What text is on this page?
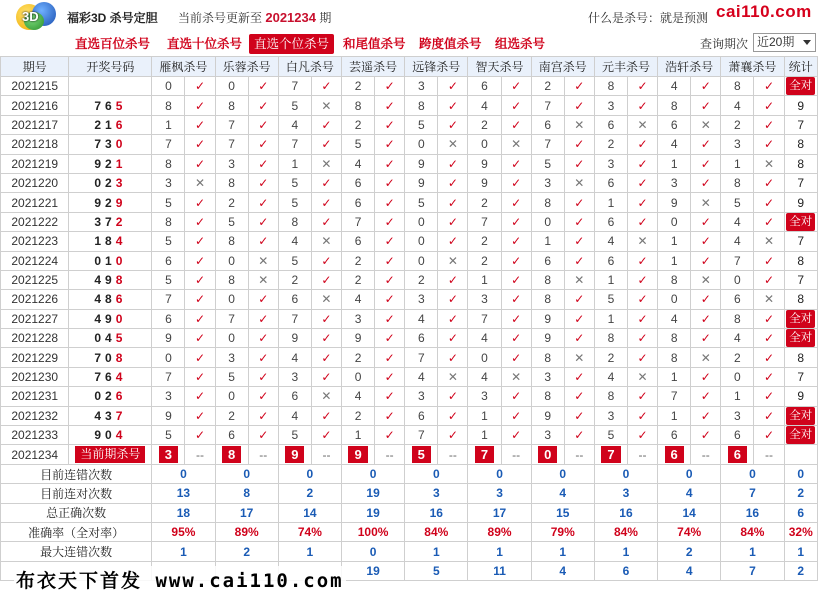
3D 福彩3D 杀号定胆 当前杀号更新至 2021234 期	什么是杀号：就是预测 cai110.com
直选百位杀号 直选十位杀号 直选个位杀号	和尾值杀号 跨度值杀号 组选杀号	查询期次 近20期
期号	开奖号码	雁枫杀号		乐蓉杀号		白凡杀号		芸遥杀号		远锋杀号		智天杀号		南宫杀号		元丰杀号		浩轩杀号		萧襄杀号		统计
2021215		0	✓	0	✓	7	✓	2	✓	3	✓	6	✓	2	✓	8	✓	4	✓	8	✓	全对
2021216	765	8	✓	8	✓	5	✕	8	✓	8	✓	4	✓	7	✓	3	✓	8	✓	4	✓	9
2021217	216	1	✓	7	✓	4	✓	2	✓	5	✓	2	✓	6	✕	6	✕	6	✕	2	✓	7
2021218	730	7	✓	7	✓	7	✓	5	✓	0	✕	0	✕	7	✓	2	✓	4	✓	3	✓	8
2021219	921	8	✓	3	✓	1	✕	4	✓	9	✓	9	✓	5	✓	3	✓	1	✓	1	✕	8
2021220	023	3	✕	8	✓	5	✓	6	✓	9	✓	9	✓	3	✕	6	✓	3	✓	8	✓	7
2021221	929	5	✓	2	✓	5	✓	6	✓	5	✓	2	✓	8	✓	1	✓	9	✕	5	✓	9
2021222	372	8	✓	5	✓	8	✓	7	✓	0	✓	7	✓	0	✓	6	✓	0	✓	4	✓	全对
2021223	184	5	✓	8	✓	4	✕	6	✓	0	✓	2	✓	1	✓	4	✕	1	✓	4	✕	7
2021224	010	6	✓	0	✕	5	✓	2	✓	0	✕	2	✓	6	✓	6	✓	1	✓	7	✓	8
2021225	498	5	✓	8	✕	2	✓	2	✓	2	✓	1	✓	8	✕	1	✓	8	✕	0	✓	7
2021226	486	7	✓	0	✓	6	✕	4	✓	3	✓	3	✓	8	✓	5	✓	0	✓	6	✕	8
2021227	490	6	✓	7	✓	7	✓	3	✓	4	✓	7	✓	9	✓	1	✓	4	✓	8	✓	全对
2021228	045	9	✓	0	✓	9	✓	9	✓	6	✓	4	✓	9	✓	8	✓	8	✓	4	✓	全对
2021229	708	0	✓	3	✓	4	✓	2	✓	7	✓	0	✓	8	✕	2	✓	8	✕	2	✓	8
2021230	764	7	✓	5	✓	3	✓	0	✓	4	✕	4	✕	3	✓	4	✕	1	✓	0	✓	7
2021231	026	3	✓	0	✓	6	✕	4	✓	3	✓	3	✓	8	✓	8	✓	7	✓	1	✓	9
2021232	437	9	✓	2	✓	4	✓	2	✓	6	✓	1	✓	9	✓	3	✓	1	✓	3	✓	全对
2021233	904	5	✓	6	✓	5	✓	1	✓	7	✓	1	✓	3	✓	5	✓	6	✓	6	✓	全对
2021234	当前期杀号	3	--	8	--	9	--	9	--	5	--	7	--	0	--	7	--	6	--	6	--	
目前连错次数		0		0		0		0		0		0		0		0		0		0		0
目前连对次数		13		8		2		19		3		3		4		3		4		7		2
总正确次数		18		17		14		19		16		17		15		16		14		16		6
准确率（全对率）		95%		89%		74%		100%		84%		89%		79%		84%		74%		84%		32%
最大连错次数		1		2		1		0		1		1		1		1		2		1		1
								19		5		11		4		6		4		7		2
布衣天下首发 www.cai110.com
